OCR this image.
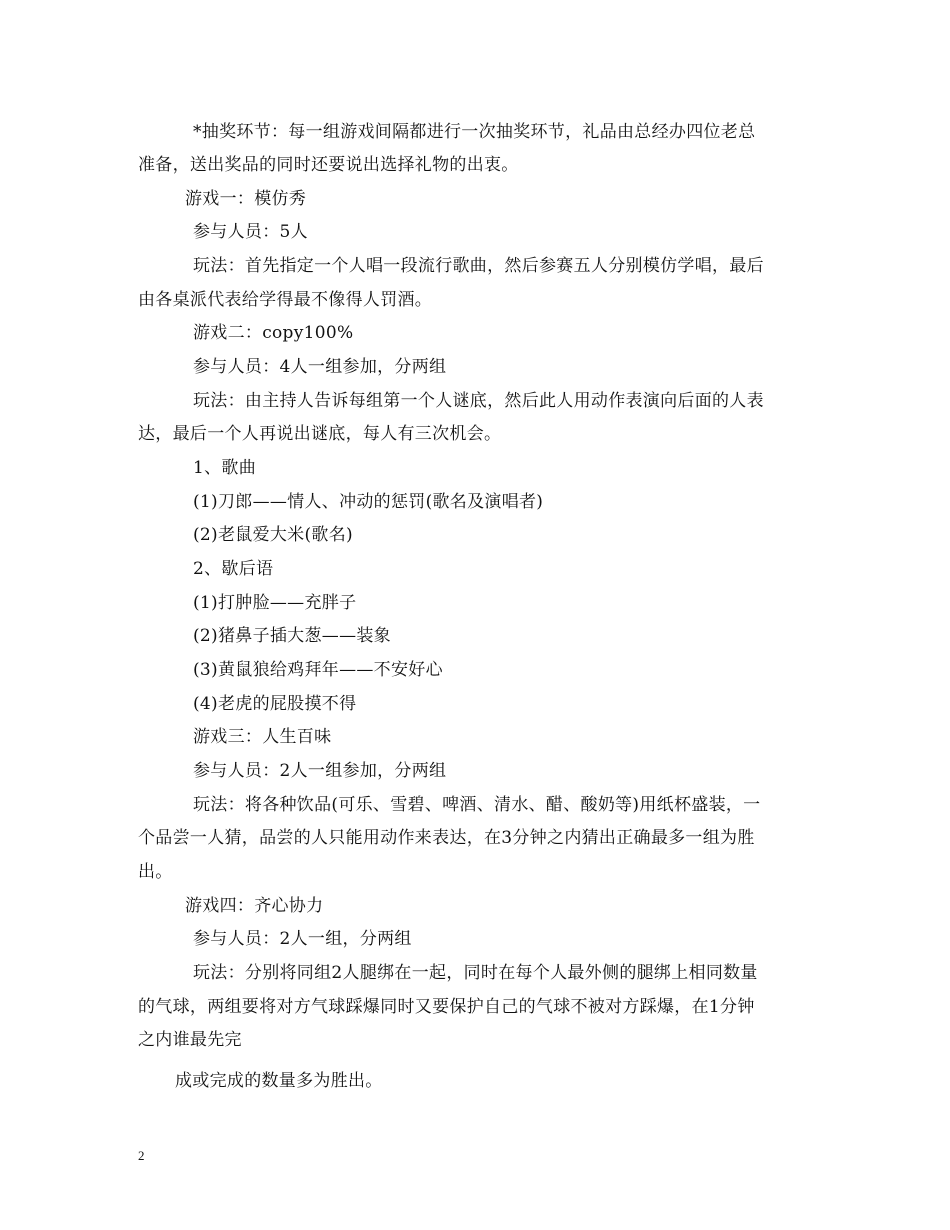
*抽奖环节：每一组游戏间隔都进行一次抽奖环节，礼品由总经办四位老总

准备，送出奖品的同时还要说出选择礼物的出衷。

游戏一：模仿秀

参与人员：5人

玩法：首先指定一个人唱一段流行歌曲，然后参赛五人分别模仿学唱，最后

由各桌派代表给学得最不像得人罚酒。

游戏二：copy100%

参与人员：4人一组参加，分两组

玩法：由主持人告诉每组第一个人谜底，然后此人用动作表演向后面的人表

达，最后一个人再说出谜底，每人有三次机会。

1、歌曲

(1)刀郎——情人、冲动的惩罚(歌名及演唱者)

(2)老鼠爱大米(歌名)

2、歇后语

(1)打肿脸——充胖子

(2)猪鼻子插大葱——装象

(3)黄鼠狼给鸡拜年——不安好心

(4)老虎的屁股摸不得

游戏三：人生百味

参与人员：2人一组参加，分两组

玩法：将各种饮品(可乐、雪碧、啤酒、清水、醋、酸奶等)用纸杯盛装，一

个品尝一人猜，品尝的人只能用动作来表达，在3分钟之内猜出正确最多一组为胜

出。

游戏四：齐心协力

参与人员：2人一组，分两组

玩法：分别将同组2人腿绑在一起，同时在每个人最外侧的腿绑上相同数量

的气球，两组要将对方气球踩爆同时又要保护自己的气球不被对方踩爆，在1分钟

之内谁最先完

成或完成的数量多为胜出。

2
